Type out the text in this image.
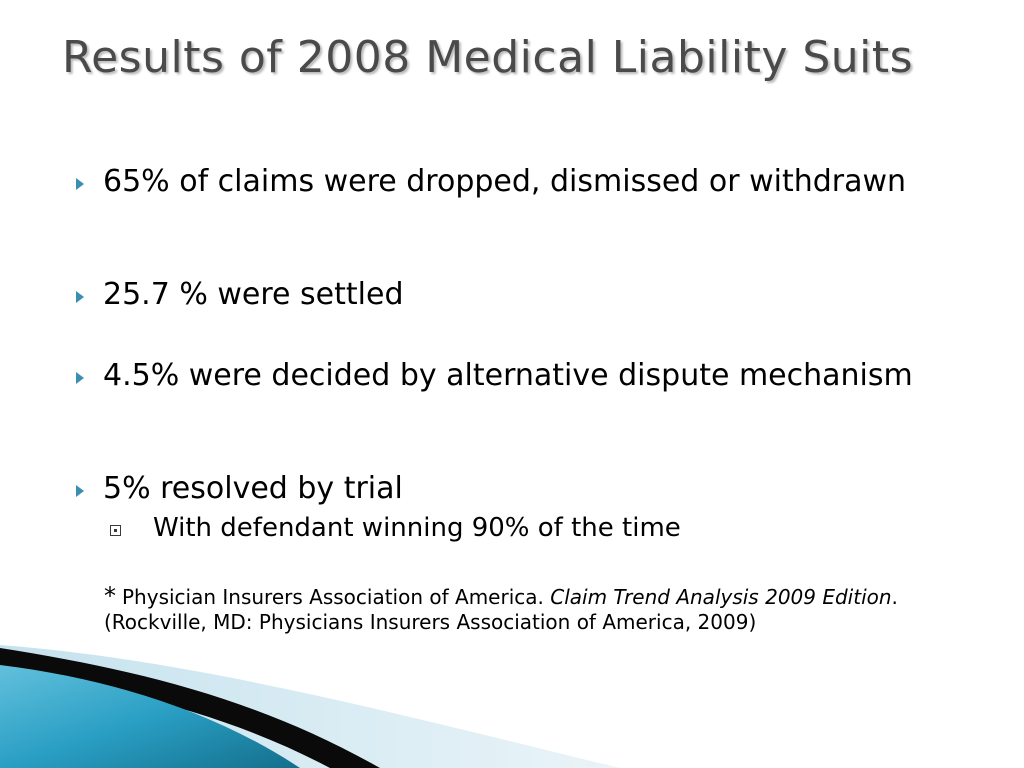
Results of 2008 Medical Liability Suits
65% of claims were dropped, dismissed or withdrawn
25.7 % were settled
4.5% were decided by alternative dispute mechanism
5% resolved by trial
With defendant winning 90% of the time
* Physician Insurers Association of America. Claim Trend Analysis 2009 Edition. (Rockville, MD: Physicians Insurers Association of America, 2009)
